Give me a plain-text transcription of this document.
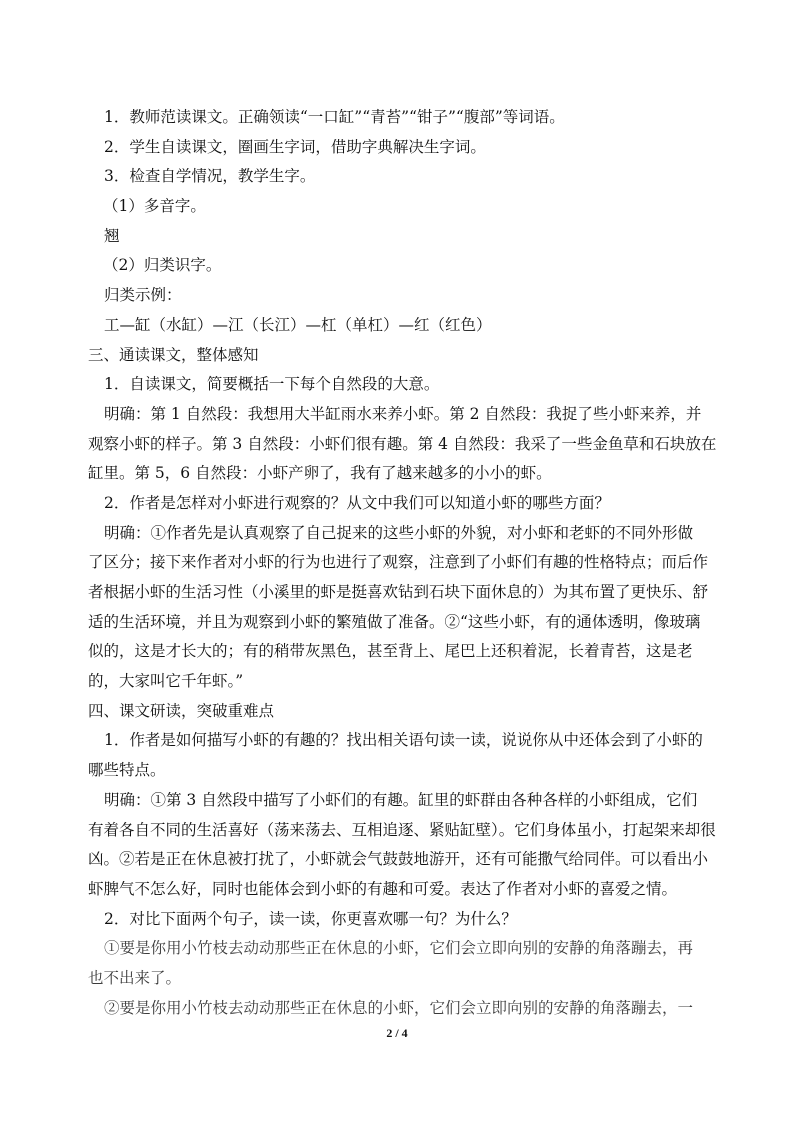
1．教师范读课文。正确领读“一口缸”“青苔”“钳子”“腹部”等词语。
2．学生自读课文，圈画生字词，借助字典解决生字词。
3．检查自学情况，教学生字。
（1）多音字。
翘
（2）归类识字。
归类示例：
工—缸（水缸）—江（长江）—杠（单杠）—红（红色）
三、通读课文，整体感知
1．自读课文，简要概括一下每个自然段的大意。
明确：第 1 自然段：我想用大半缸雨水来养小虾。第 2 自然段：我捉了些小虾来养，并
观察小虾的样子。第 3 自然段：小虾们很有趣。第 4 自然段：我采了一些金鱼草和石块放在
缸里。第 5，6 自然段：小虾产卵了，我有了越来越多的小小的虾。
2．作者是怎样对小虾进行观察的？从文中我们可以知道小虾的哪些方面？
明确：①作者先是认真观察了自己捉来的这些小虾的外貌，对小虾和老虾的不同外形做
了区分；接下来作者对小虾的行为也进行了观察，注意到了小虾们有趣的性格特点；而后作
者根据小虾的生活习性（小溪里的虾是挺喜欢钻到石块下面休息的）为其布置了更快乐、舒
适的生活环境，并且为观察到小虾的繁殖做了准备。②“这些小虾，有的通体透明，像玻璃
似的，这是才长大的；有的稍带灰黑色，甚至背上、尾巴上还积着泥，长着青苔，这是老
的，大家叫它千年虾。”
四、课文研读，突破重难点
1．作者是如何描写小虾的有趣的？找出相关语句读一读，说说你从中还体会到了小虾的
哪些特点。
明确：①第 3 自然段中描写了小虾们的有趣。缸里的虾群由各种各样的小虾组成，它们
有着各自不同的生活喜好（荡来荡去、互相追逐、紧贴缸壁）。它们身体虽小，打起架来却很
凶。②若是正在休息被打扰了，小虾就会气鼓鼓地游开，还有可能撒气给同伴。可以看出小
虾脾气不怎么好，同时也能体会到小虾的有趣和可爱。表达了作者对小虾的喜爱之情。
2．对比下面两个句子，读一读，你更喜欢哪一句？为什么？
①要是你用小竹枝去动动那些正在休息的小虾，它们会立即向别的安静的角落蹦去，再
也不出来了。
②要是你用小竹枝去动动那些正在休息的小虾，它们会立即向别的安静的角落蹦去，一
2 / 4
